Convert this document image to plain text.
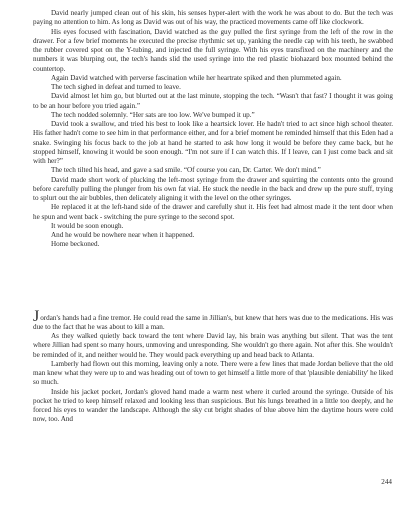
David nearly jumped clean out of his skin, his senses hyper-alert with the work he was about to do. But the tech was paying no attention to him. As long as David was out of his way, the practiced movements came off like clockwork.

His eyes focused with fascination, David watched as the guy pulled the first syringe from the left of the row in the drawer. For a few brief moments he executed the precise rhythmic set up, yanking the needle cap with his teeth, he swabbed the rubber covered spot on the Y-tubing, and injected the full syringe. With his eyes transfixed on the machinery and the numbers it was blurping out, the tech's hands slid the used syringe into the red plastic biohazard box mounted behind the countertop.

Again David watched with perverse fascination while her heartrate spiked and then plummeted again.

The tech sighed in defeat and turned to leave.

David almost let him go, but blurted out at the last minute, stopping the tech. “Wasn't that fast? I thought it was going to be an hour before you tried again.”

The tech nodded solemnly. “Her sats are too low. We've bumped it up.”

David took a swallow, and tried his best to look like a heartsick lover. He hadn't tried to act since high school theater. His father hadn't come to see him in that performance either, and for a brief moment he reminded himself that this Eden had a snake. Swinging his focus back to the job at hand he started to ask how long it would be before they came back, but he stopped himself, knowing it would be soon enough. “I'm not sure if I can watch this. If I leave, can I just come back and sit with her?”

The tech tilted his head, and gave a sad smile. “Of course you can, Dr. Carter. We don't mind.”

David made short work of plucking the left-most syringe from the drawer and squirting the contents onto the ground before carefully pulling the plunger from his own fat vial. He stuck the needle in the back and drew up the pure stuff, trying to splurt out the air bubbles, then delicately aligning it with the level on the other syringes.

He replaced it at the left-hand side of the drawer and carefully shut it. His feet had almost made it the tent door when he spun and went back - switching the pure syringe to the second spot.

It would be soon enough.

And he would be nowhere near when it happened.

Home beckoned.

Jordan's hands had a fine tremor. He could read the same in Jillian's, but knew that hers was due to the medications. His was due to the fact that he was about to kill a man.

As they walked quietly back toward the tent where David lay, his brain was anything but silent. That was the tent where Jillian had spent so many hours, unmoving and unresponding. She wouldn't go there again. Not after this. She wouldn't be reminded of it, and neither would he. They would pack everything up and head back to Atlanta.

Lamberly had flown out this morning, leaving only a note. There were a few lines that made Jordan believe that the old man knew what they were up to and was heading out of town to get himself a little more of that 'plausible deniability' he liked so much.

Inside his jacket pocket, Jordan's gloved hand made a warm nest where it curled around the syringe. Outside of his pocket he tried to keep himself relaxed and looking less than suspicious. But his lungs breathed in a little too deeply, and he forced his eyes to wander the landscape. Although the sky cut bright shades of blue above him the daytime hours were cold now, too. And

244
